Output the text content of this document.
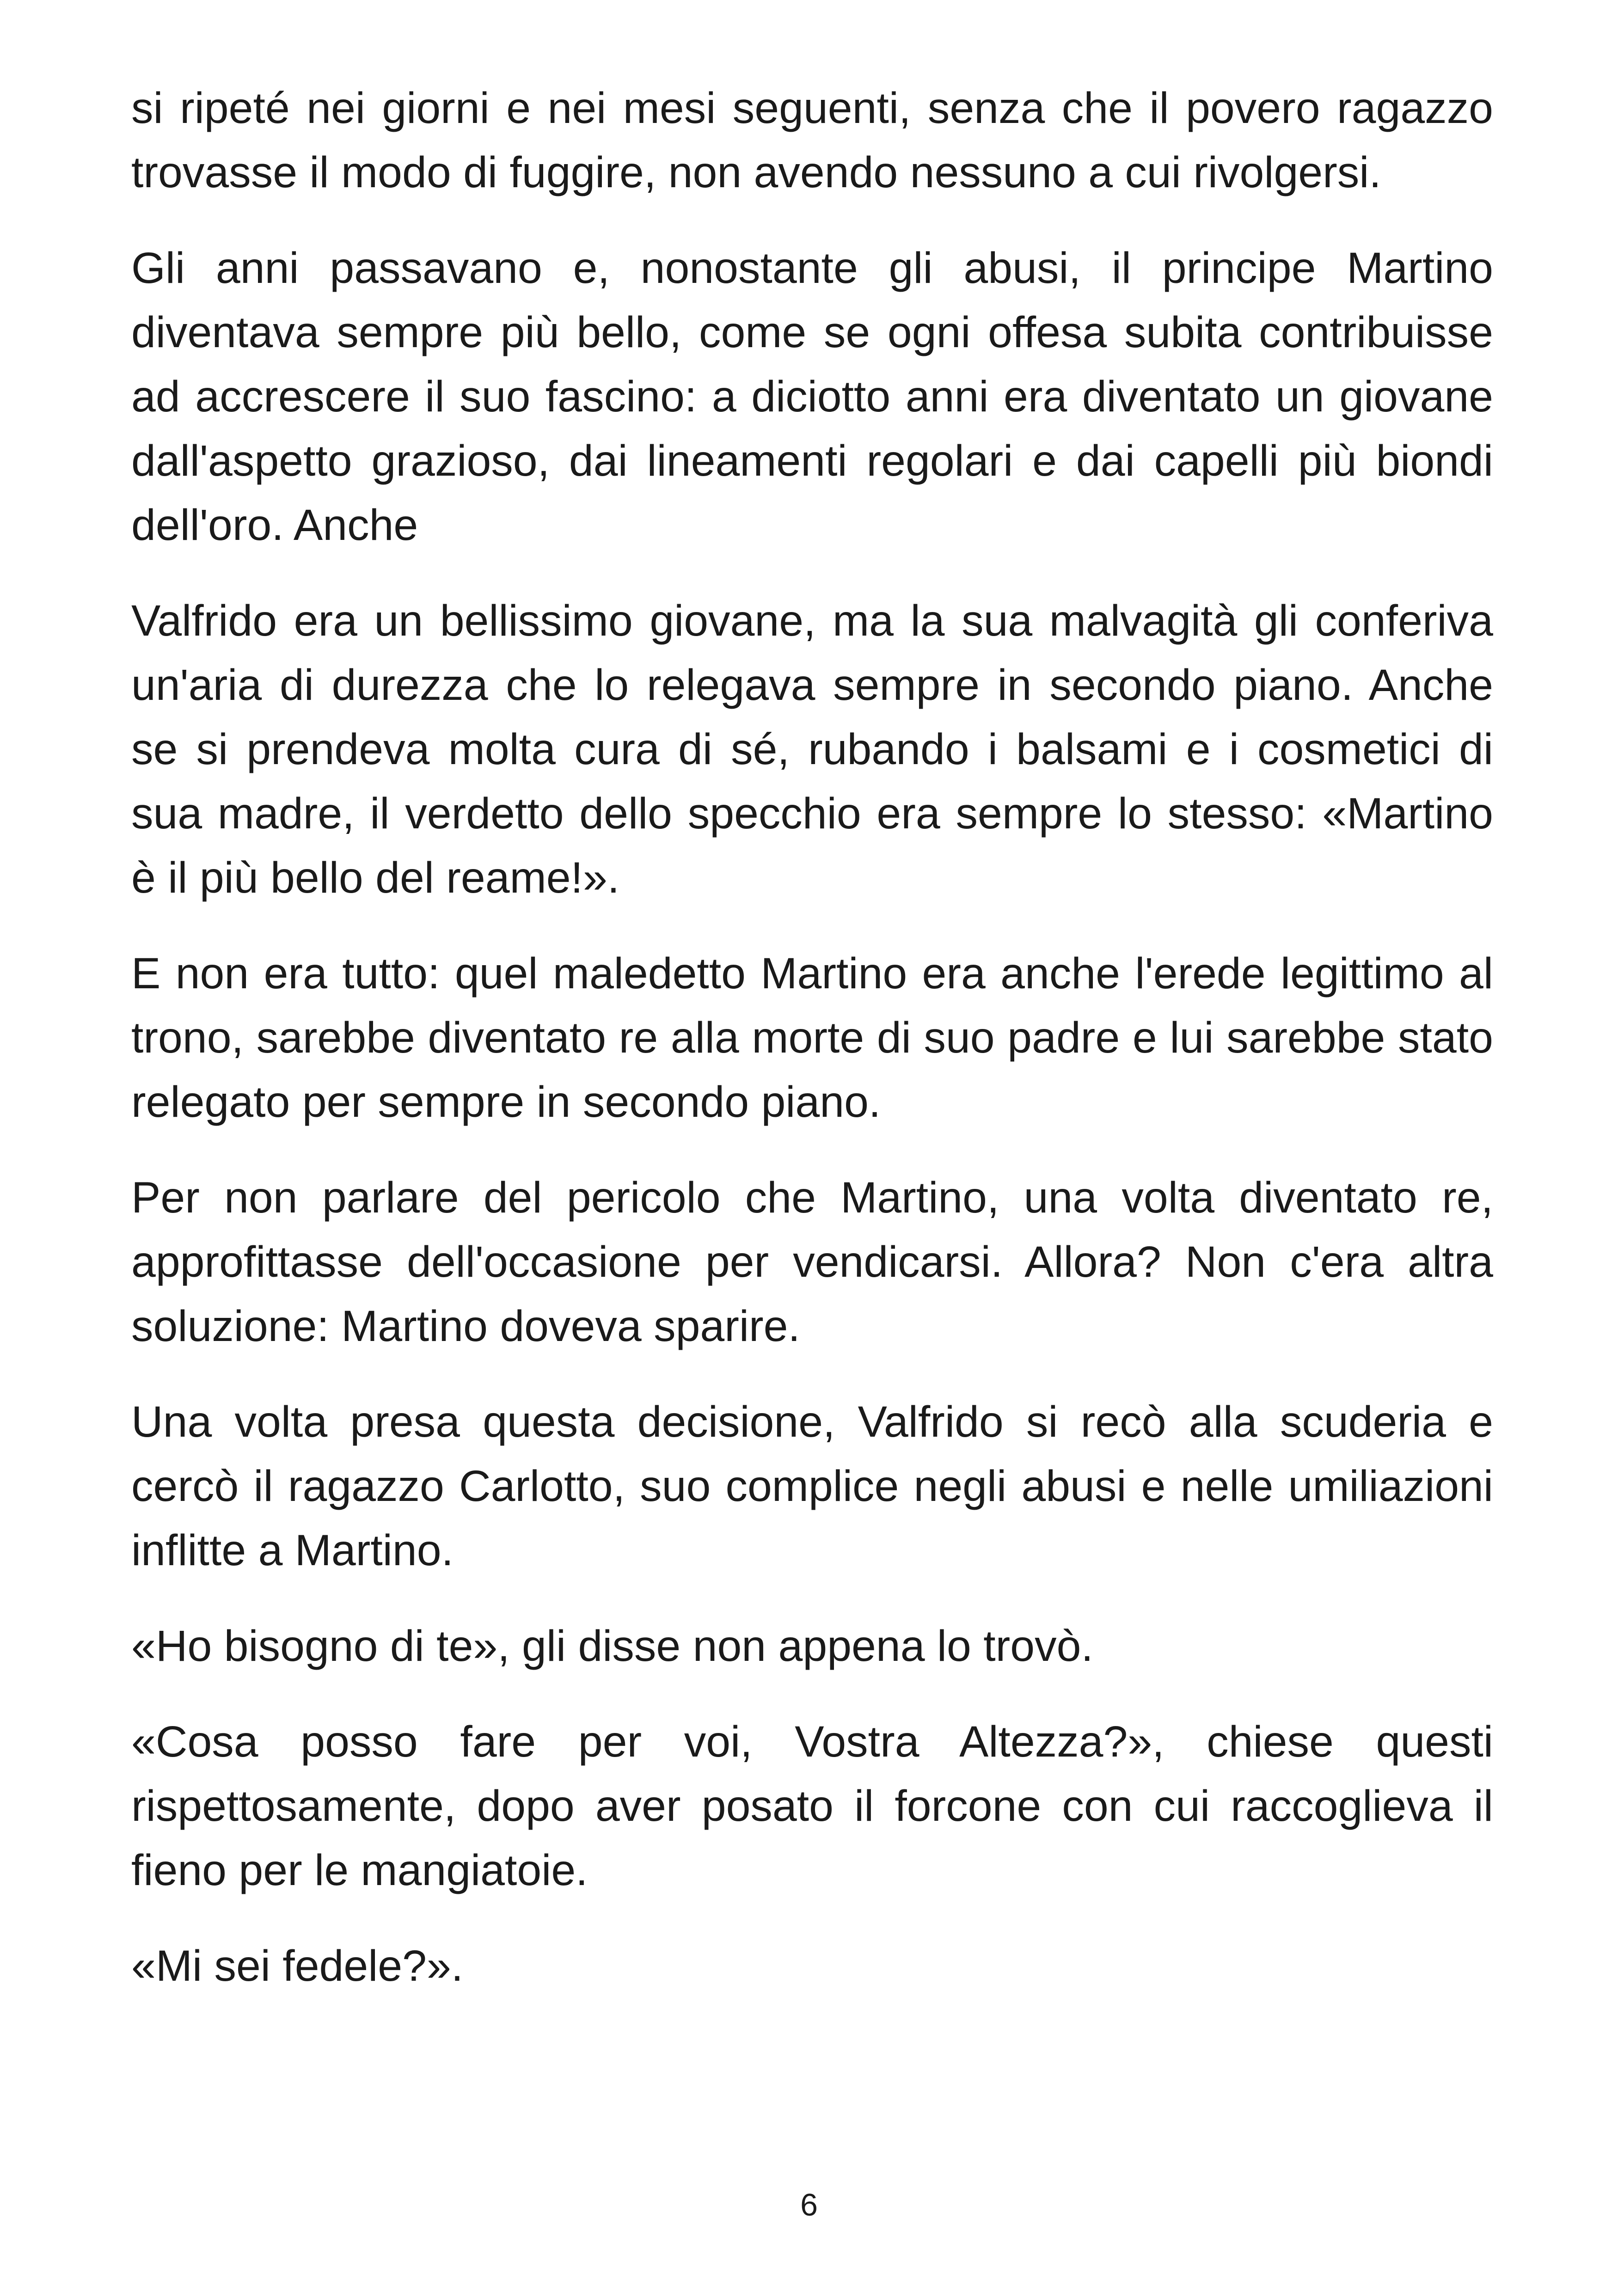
si ripeté nei giorni e nei mesi seguenti, senza che il povero ragazzo trovasse il modo di fuggire, non avendo nessuno a cui rivolgersi.

Gli anni passavano e, nonostante gli abusi, il principe Martino diventava sempre più bello, come se ogni offesa subita contribuisse ad accrescere il suo fascino: a diciotto anni era diventato un giovane dall'aspetto grazioso, dai lineamenti regolari e dai capelli più biondi dell'oro. Anche

Valfrido era un bellissimo giovane, ma la sua malvagità gli conferiva un'aria di durezza che lo relegava sempre in secondo piano. Anche se si prendeva molta cura di sé, rubando i balsami e i cosmetici di sua madre, il verdetto dello specchio era sempre lo stesso: «Martino è il più bello del reame!».

E non era tutto: quel maledetto Martino era anche l'erede legittimo al trono, sarebbe diventato re alla morte di suo padre e lui sarebbe stato relegato per sempre in secondo piano.

Per non parlare del pericolo che Martino, una volta diventato re, approfittasse dell'occasione per vendicarsi. Allora? Non c'era altra soluzione: Martino doveva sparire.

Una volta presa questa decisione, Valfrido si recò alla scuderia e cercò il ragazzo Carlotto, suo complice negli abusi e nelle umiliazioni inflitte a Martino.

«Ho bisogno di te», gli disse non appena lo trovò.

«Cosa posso fare per voi, Vostra Altezza?», chiese questi rispettosamente, dopo aver posato il forcone con cui raccoglieva il fieno per le mangiatoie.

«Mi sei fedele?».

6
